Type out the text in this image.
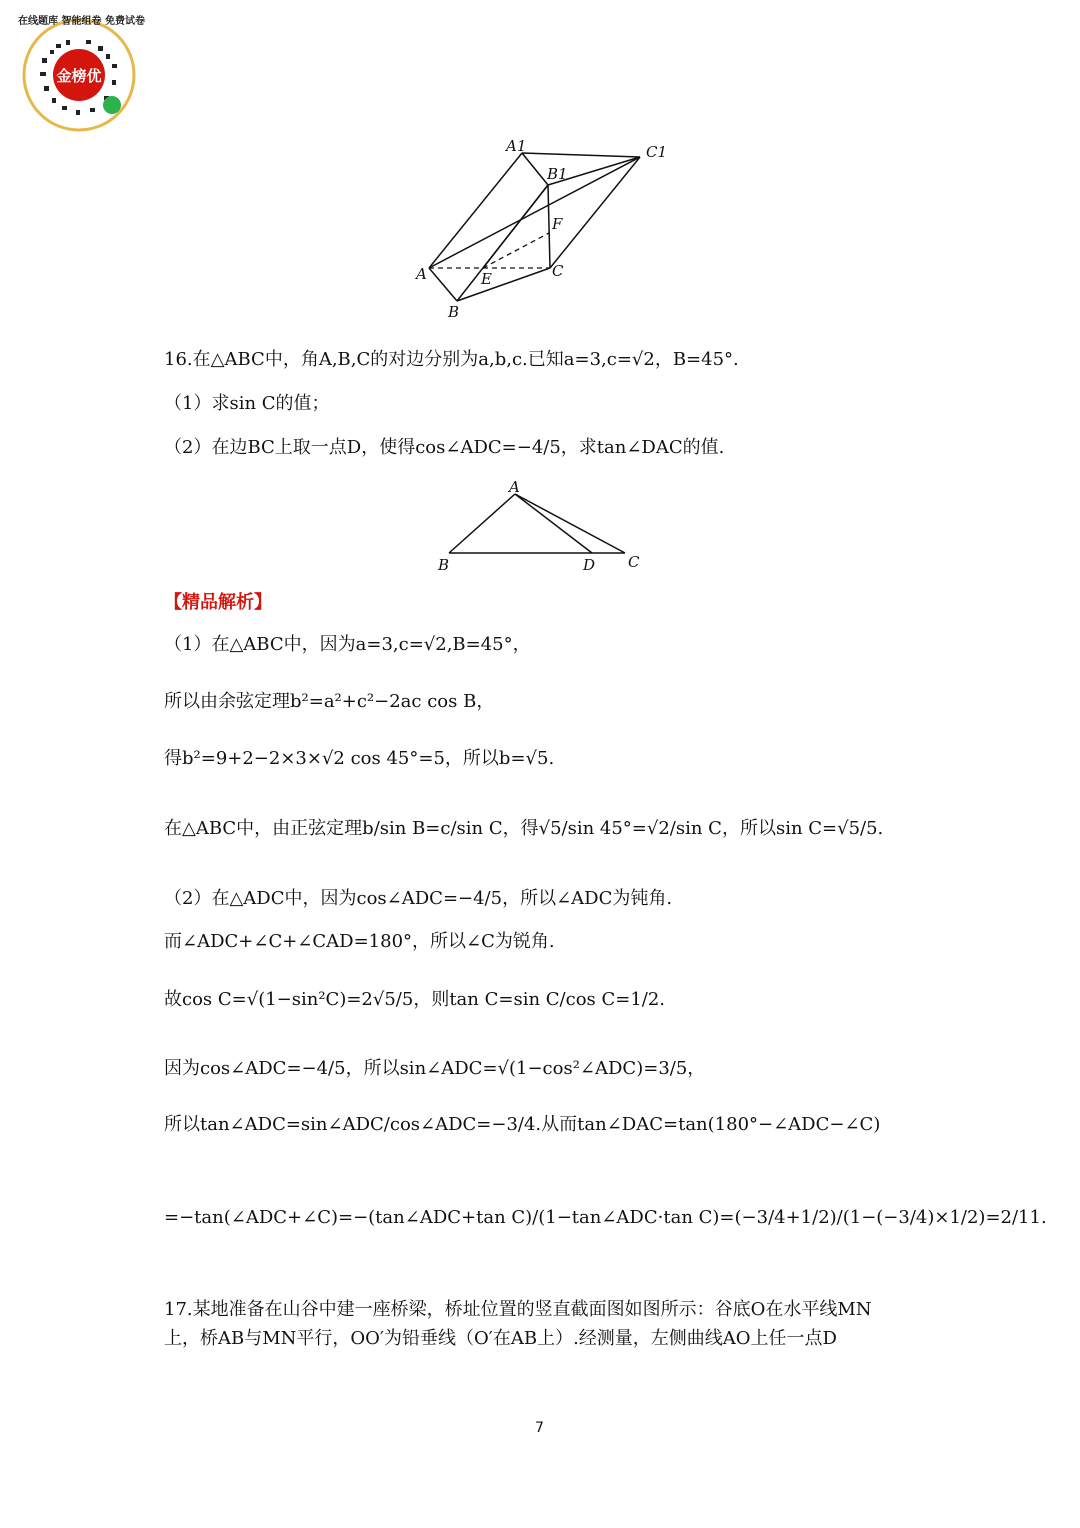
金榜优
在线题库 智能组卷 免费试卷
A1	C1
B1
F
A	E	C
B
16.在△ABC中，角A,B,C的对边分别为a,b,c.已知a=3,c=√2，B=45°.
（1）求sin C的值；
（2）在边BC上取一点D，使得cos∠ADC=−4/5，求tan∠DAC的值.
A
B	D C
【精品解析】
（1）在△ABC中，因为a=3,c=√2,B=45°，
所以由余弦定理b²=a²+c²−2ac cos B，
得b²=9+2−2×3×√2 cos 45°=5，所以b=√5.
在△ABC中，由正弦定理b/sin B=c/sin C，得√5/sin 45°=√2/sin C，所以sin C=√5/5.
（2）在△ADC中，因为cos∠ADC=−4/5，所以∠ADC为钝角.
而∠ADC+∠C+∠CAD=180°，所以∠C为锐角.
故cos C=√(1−sin²C)=2√5/5，则tan C=sin C/cos C=1/2.
因为cos∠ADC=−4/5，所以sin∠ADC=√(1−cos²∠ADC)=3/5，
所以tan∠ADC=sin∠ADC/cos∠ADC=−3/4.从而tan∠DAC=tan(180°−∠ADC−∠C)
=−tan(∠ADC+∠C)=−(tan∠ADC+tan C)/(1−tan∠ADC·tan C)=(−3/4+1/2)/(1−(−3/4)×1/2)=2/11.
17.某地准备在山谷中建一座桥梁，桥址位置的竖直截面图如图所示：谷底O在水平线MN
上，桥AB与MN平行，OO′为铅垂线（O′在AB上）.经测量，左侧曲线AO上任一点D
7
